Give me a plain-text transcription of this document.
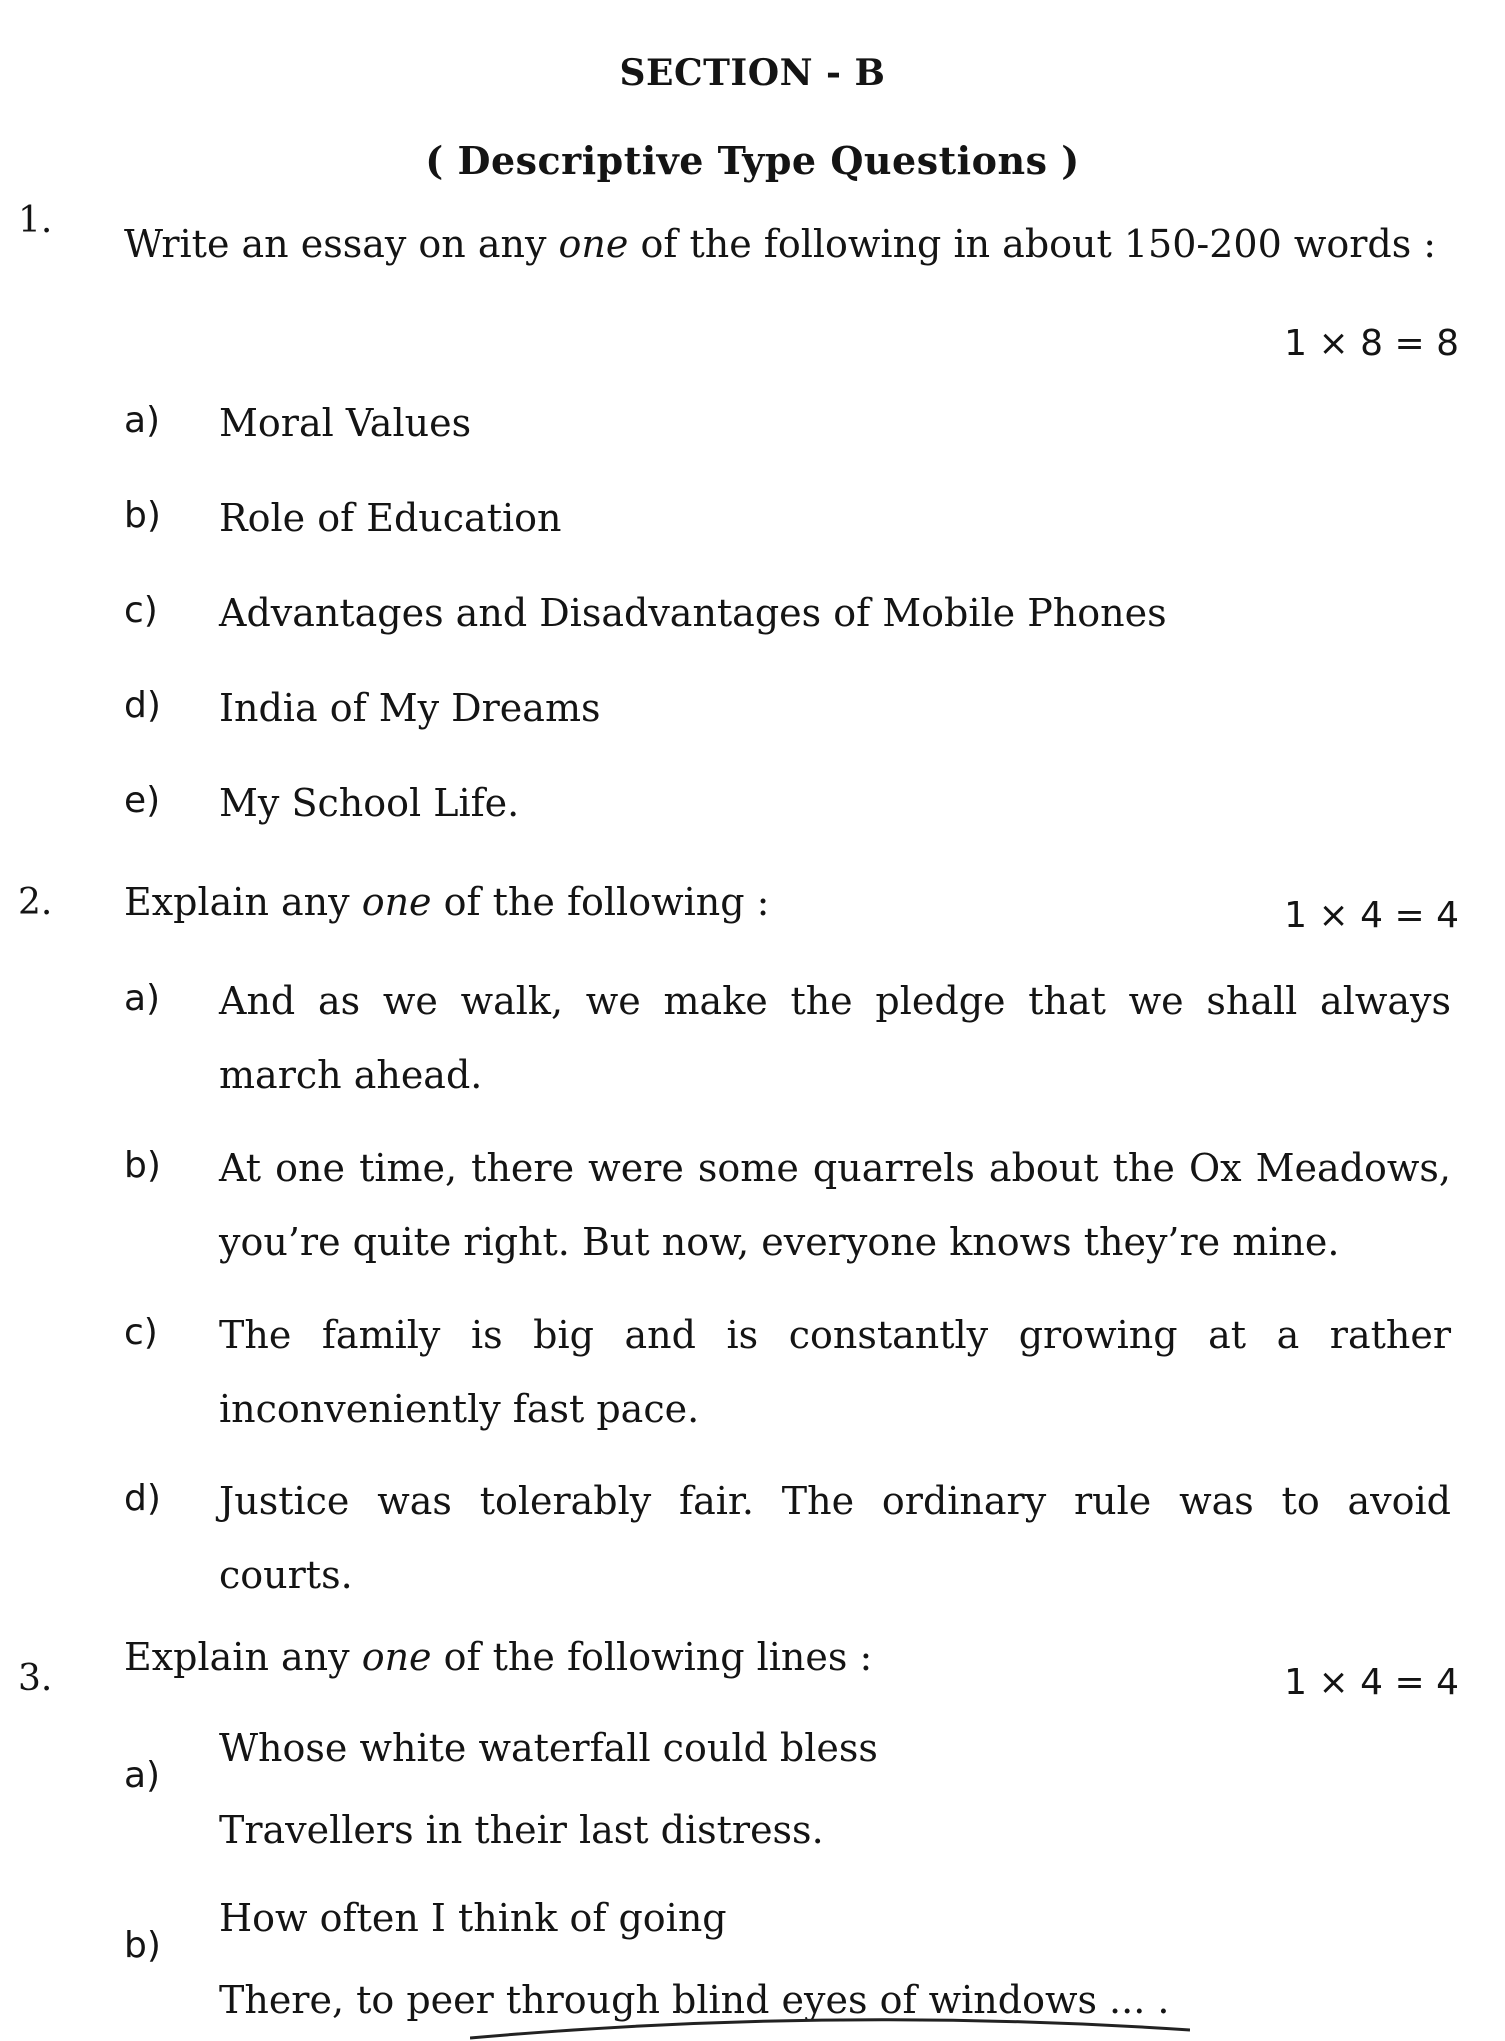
SECTION - B
( Descriptive Type Questions )
1.
Write an essay on any one of the following in about 150-200 words :
1 × 8 = 8
a) Moral Values
b) Role of Education
c) Advantages and Disadvantages of Mobile Phones
d) India of My Dreams
e) My School Life.
2. Explain any one of the following :	1 × 4 = 4
a) And as we walk, we make the pledge that we shall always march ahead.
b) At one time, there were some quarrels about the Ox Meadows, you’re quite right. But now, everyone knows they’re mine.
c) The family is big and is constantly growing at a rather inconveniently fast pace.
d) Justice was tolerably fair. The ordinary rule was to avoid courts.
3. Explain any one of the following lines :
1 × 4 = 4
a)
Whose white waterfall could bless
Travellers in their last distress.
b)
How often I think of going
There, to peer through blind eyes of windows ... .
